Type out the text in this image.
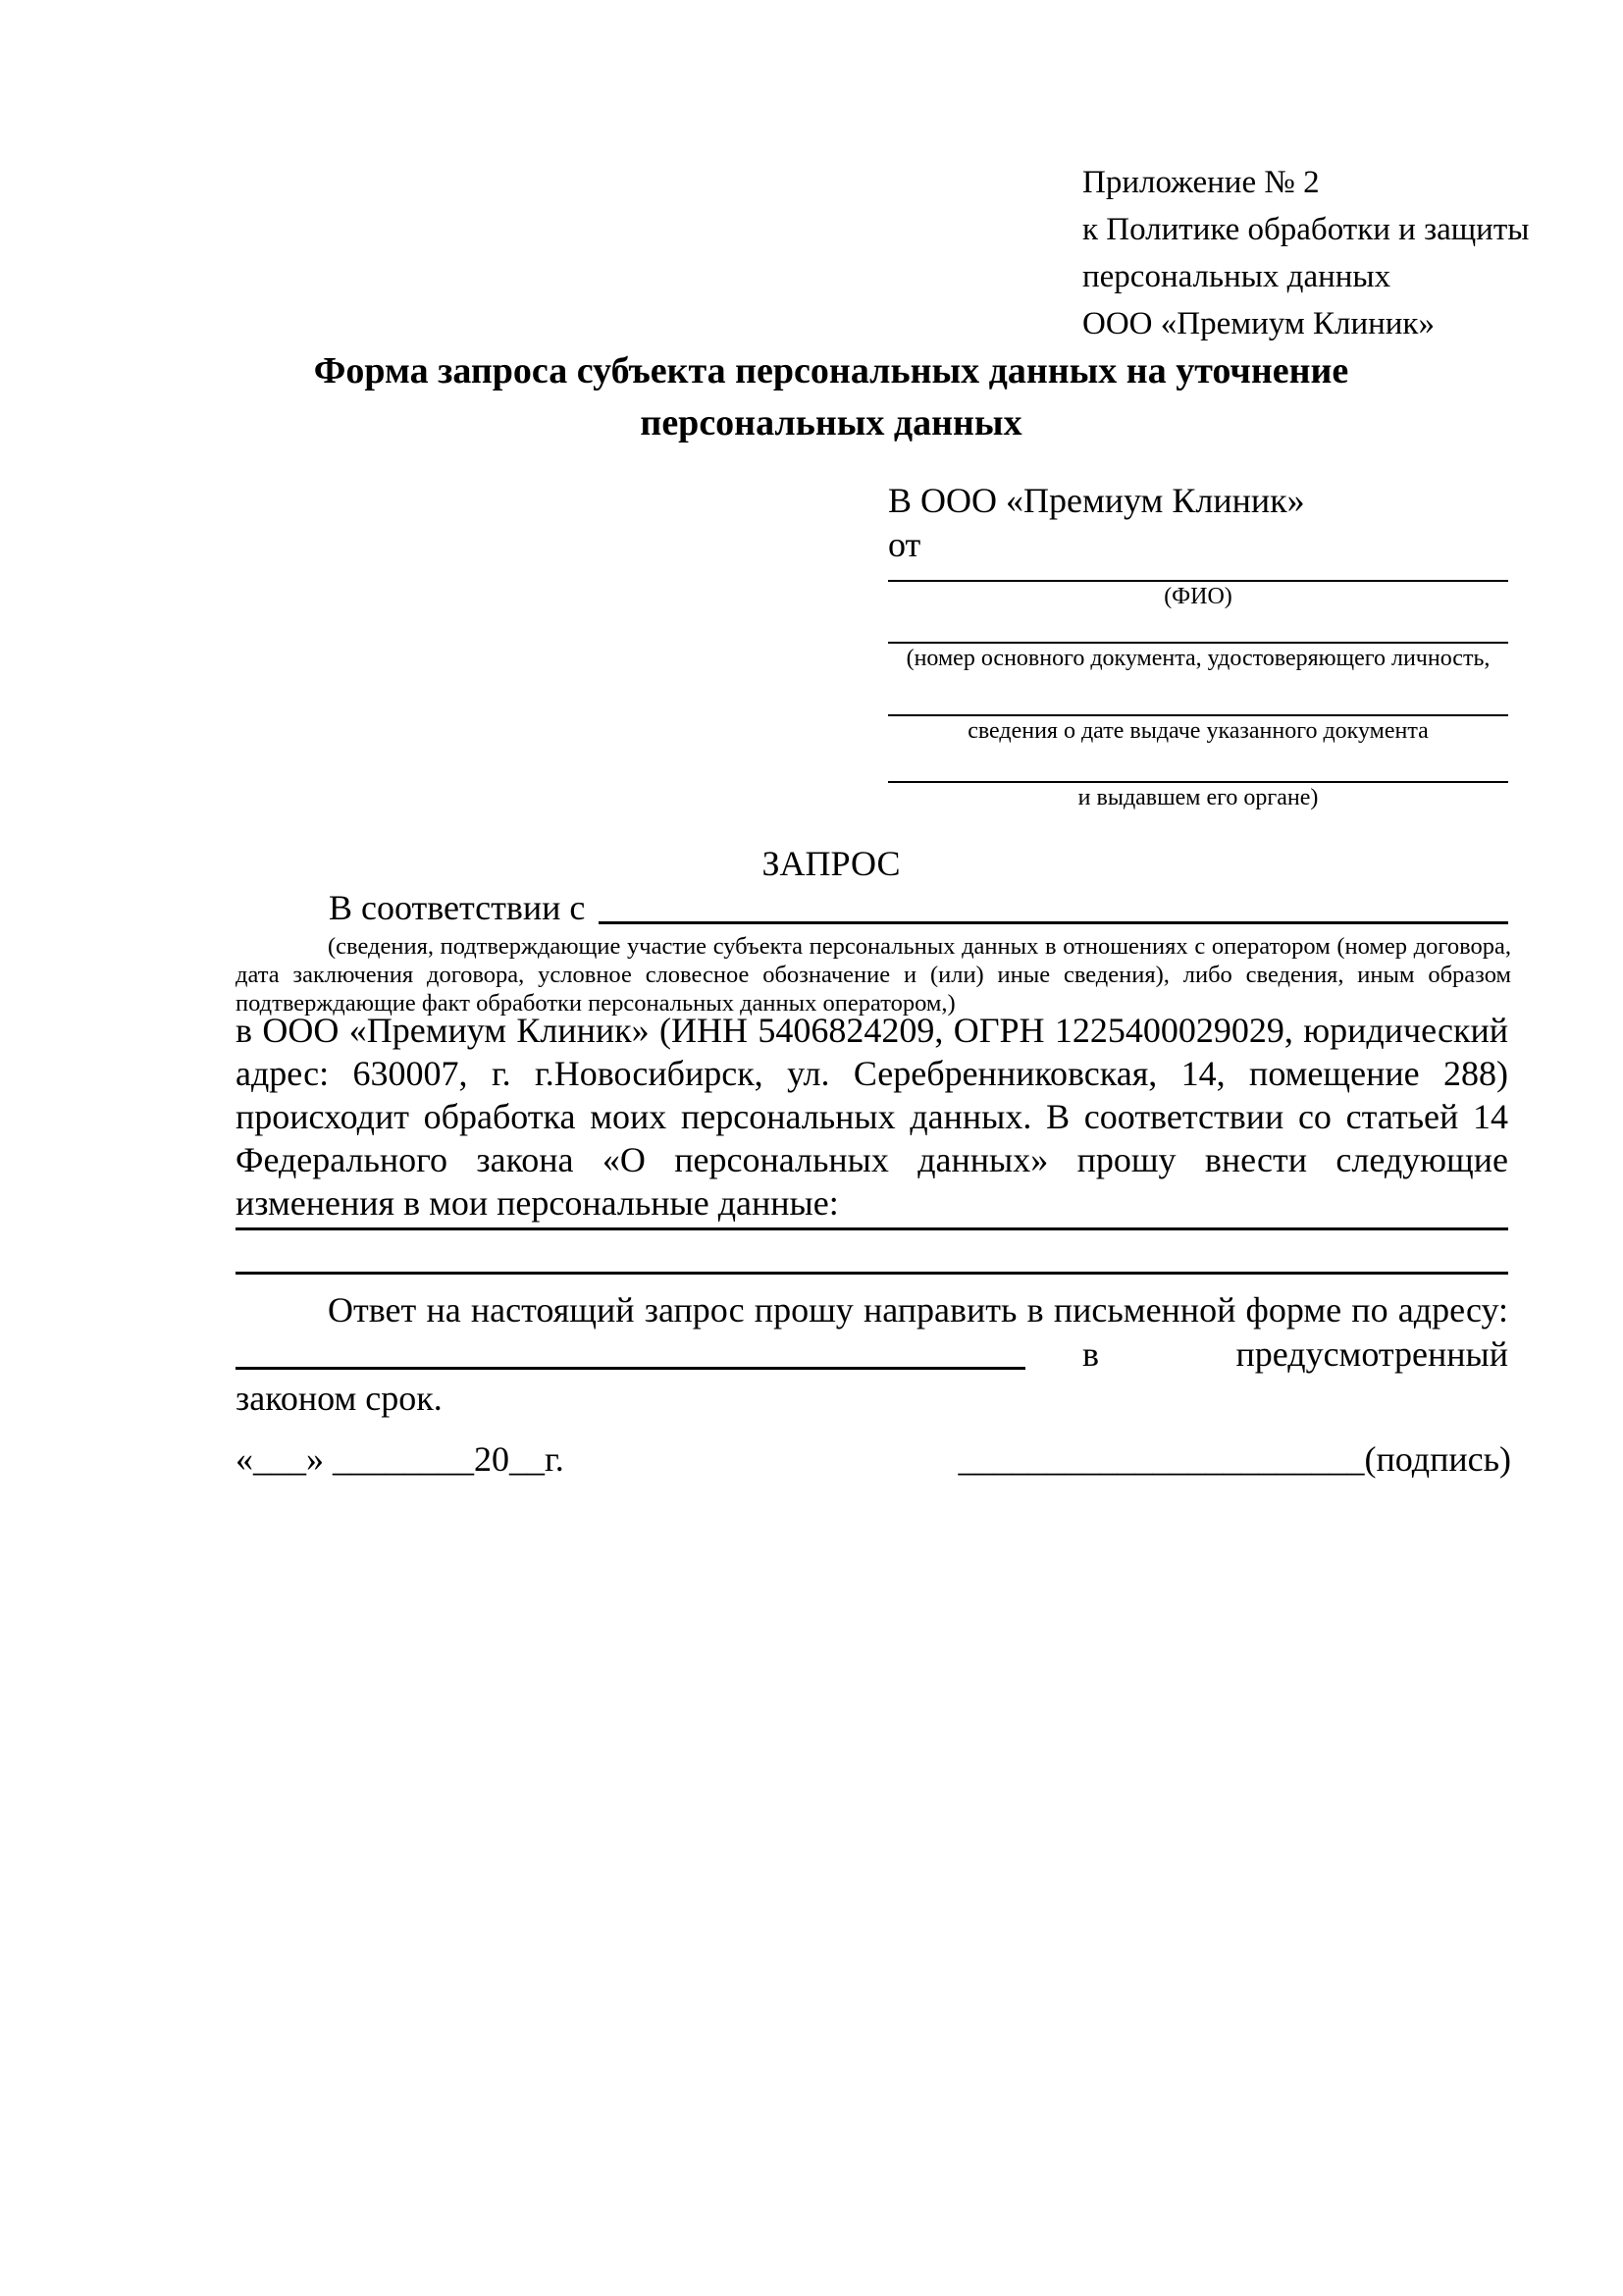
Приложение № 2
к Политике обработки и защиты
персональных данных
ООО «Премиум Клиник»
Форма запроса субъекта персональных данных на уточнение персональных данных
В ООО «Премиум Клиник»
от
(ФИО)
(номер основного документа, удостоверяющего личность,
сведения о дате выдаче указанного документа
и выдавшем его органе)
ЗАПРОС
В соответствии с
(сведения, подтверждающие участие субъекта персональных данных в отношениях с оператором (номер договора, дата заключения договора, условное словесное обозначение и (или) иные сведения), либо сведения, иным образом подтверждающие факт обработки персональных данных оператором,)
в ООО «Премиум Клиник» (ИНН 5406824209, ОГРН 1225400029029, юридический адрес: 630007, г. г.Новосибирск, ул. Серебренниковская, 14, помещение 288) происходит обработка моих персональных данных. В соответствии со статьей 14 Федерального закона «О персональных данных» прошу внести следующие изменения в мои персональные данные:
Ответ на настоящий запрос прошу направить в письменной форме по адресу:
в	предусмотренный
законом срок.
«___» ________20__г.	_______________________(подпись)
